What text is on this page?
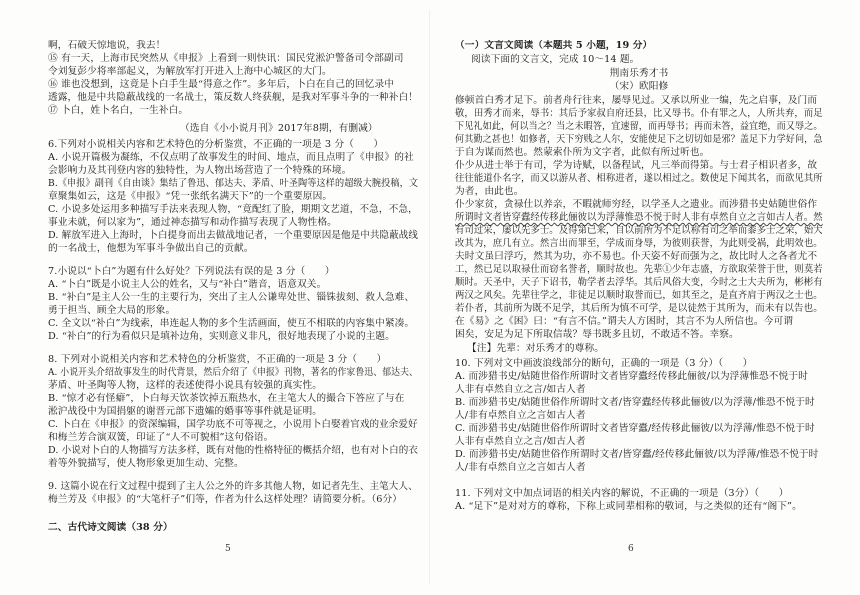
啊，石破天惊地说，我去！
⑮ 有一天，上海市民突然从《申报》上看到一则快讯：国民党淞沪警备司令部副司
令刘复彭少将率部起义，为解放军打开进入上海中心城区的大门。
⑯ 谁也没想到，这竟是卜白手生最“得意之作”。多年后，卜白在自己的回忆录中
透露，他是中共隐蔽战线的一名战士，策反数人终获舰，是我对军事斗争的一种补白！
⑰ 卜白，姓卜名白，一生补白。
（选自《小小说月刊》2017年8期，有删减）
6.下列对小说相关内容和艺术特色的分析鉴赏，不正确的一项是 3 分（　　）
A. 小说开篇极为凝练，不仅点明了故事发生的时间、地点，而且点明了《申报》的社
会影响力及其刊登内容的独特性，为人物出场营造了一个特殊的环境。
B.《申报》副刊《自由谈》集结了鲁迅、郁达夫、茅盾、叶圣陶等这样的超级大腕投稿，文
章聚集如云，这是《申报》“凭一张纸名满天下”的一个重要原因。
C. 小说多处运用多种描写手法来表现人物，“竟配红了脸，期期文艺道，不急，不急，
事业未就，何以家为”，通过神态描写和动作描写表现了人物性格。
D. 解放军进入上海时，卜白提身而出去做战地记者，一个重要原因是他是中共隐蔽战线
的一名战士，他想为军事斗争做出自己的贡献。
7.小说以“卜白”为题有什么好处？下列说法有误的是 3 分（　　）
A. “卜白”既是小说主人公的姓名，又与“补白”谐音，语意双关。
B. “补白”是主人公一生的主要行为，突出了主人公谦卑处世、锱铢拔刻、救人急难、
勇于担当、顾全大局的形象。
C. 全文以“补白”为线索，串连起人物的多个生活画面，使互不相联的内容集中紧凑。
D. “补白”的行为看似只是填补边角，实则意义非凡，很好地表现了小说的主题。
8. 下列对小说相关内容和艺术特色的分析鉴赏，不正确的一项是 3 分（　　）
A. 小说开头介绍故事发生的时代背景，然后介绍了《申报》刊物，著名的作家鲁迅、郁达夫、
茅盾、叶圣陶等人物，这样的表述使得小说具有较强的真实性。
B. “惊才必有怪癖”，卜白每天饮茶饮掉五瓶热水，在主笔大人的撮合下答应了与在
淞沪战役中为国捐躯的谢晋元部下遗孀的婚事等事件就是证明。
C. 卜白在《申报》的资深编辑，国学功底不可等视之，小说用卜白娶着官戏的业余爱好
和梅兰芳合演双簧，印证了“人不可貌相”这句俗语。
D. 小说对卜白的人物描写方法多样，既有对他的性格特征的概括介绍，也有对卜白的衣
着等外貌描写，使人物形象更加生动、完整。
9. 这篇小说在行文过程中提到了主人公之外的许多其他人物，如记者先生、主笔大人、
梅兰芳及《申报》的“大笔杆子”们等，作者为什么这样处理？请简要分析。（6分）
二、古代诗文阅读（38 分）
5
（一）文言文阅读（本题共 5 小题，19 分）
阅读下面的文言文，完成 10～14 题。
荆南乐秀才书
（宋）欧阳修
修顿首白秀才足下。前者舟行往来，屡辱见过。又承以所业一编，先之启事，及门而
敬，田秀才而来，辱书：其后予家叔自府还县，比又辱书。仆有罪之人，人所共弃，而足
下见礼如此，何以当之？当之未暇答，宜速留，而再辱书；再而未答，益宜绝，而又辱之。
何其勤之甚也！如修者，天下穷贱之人尔，安能使足下之切切如是邪？盖足下力学好问，急
于自为谋而然也。然蒙索仆所为文字者，此似有所过听也。
仆少从进士举于有司，学为诗赋，以备程试，凡三举而得第。与士君子相识者多，故
往往能道仆名字，而又以游从者、相称进者，遂以相过之。数使足下闻其名，而欲见其所
为者，由此也。
仆少家贫，贪禄仕以养亲，不暇就师穷经，以学圣人之遗业。而涉猎书史姑随世俗作
所谓时文者皆穿蠹经传移此俪彼以为浮薄惟恐不悦于时人非有卓然自立之言如古人者。然
有司过采，屡以先多士。及得第已来，自以前所为不足以称有司之举而黍多士之荣，始大
改其为，庶几有立。然言出而罪至，学成而身辱，为彼则获誉，为此则受祸，此明效也。
夫时文虽曰浮巧，然其为功，亦不易也。仆天姿不好而强为之，故比时人之各者尤不
工，然已足以取禄仕而窃名誉者，顺时故也。先辈①少年志盛，方欲取荣誉于世，则莫若
顺时。天圣中，天子下诏书，勒学者去浮华。其后风俗大变，今时之士大夫所为，彬彬有
两汉之风矣。先辈往学之，非徒足以顺时取誉而已，如其至之，是直齐肩于两汉之士也。
若仆者，其前所为既不足学，其后所为慎不可学，是以徒然于其所为，而未有以告也。
在《易》之《困》曰：“有言不信。”谓夫人方困时，其言不为人所信也。今可谓
困矣，安足为足下所取信哉？辱书既多且切，不敢适不答。幸察。
【注】先辈：对乐秀才的尊称。
10. 下列对文中画波浪线部分的断句，正确的一项是（3 分）（　　）
A. 而涉猎书史/姑随世俗作所谓时文者皆穿蠹经传移此俪彼/以为浮薄惟恐不悦于时
人非有卓然自立之言/如古人者
B. 而涉猎书史/姑随世俗作所谓时文者/皆穿蠹经传移此俪彼/以为浮薄/惟恐不悦于时
人/非有卓然自立之言如古人者
C. 而涉猎书史/姑随世俗作所谓时文者皆穿蠹/经传移此俪彼/以为浮薄/惟恐不悦于时
人非有卓然自立之言/如古人者
D. 而涉猎书史/姑随世俗作所谓时文者/皆穿蠹/经传移此俪彼/以为浮薄/惟恐不悦于时
人/非有卓然自立之言如古人者
11. 下列对文中加点词语的相关内容的解说，不正确的一项是（3分）（　　）
A. “足下”是对对方的尊称，下称上或同辈相称的敬词，与之类似的还有“阁下”。
6
